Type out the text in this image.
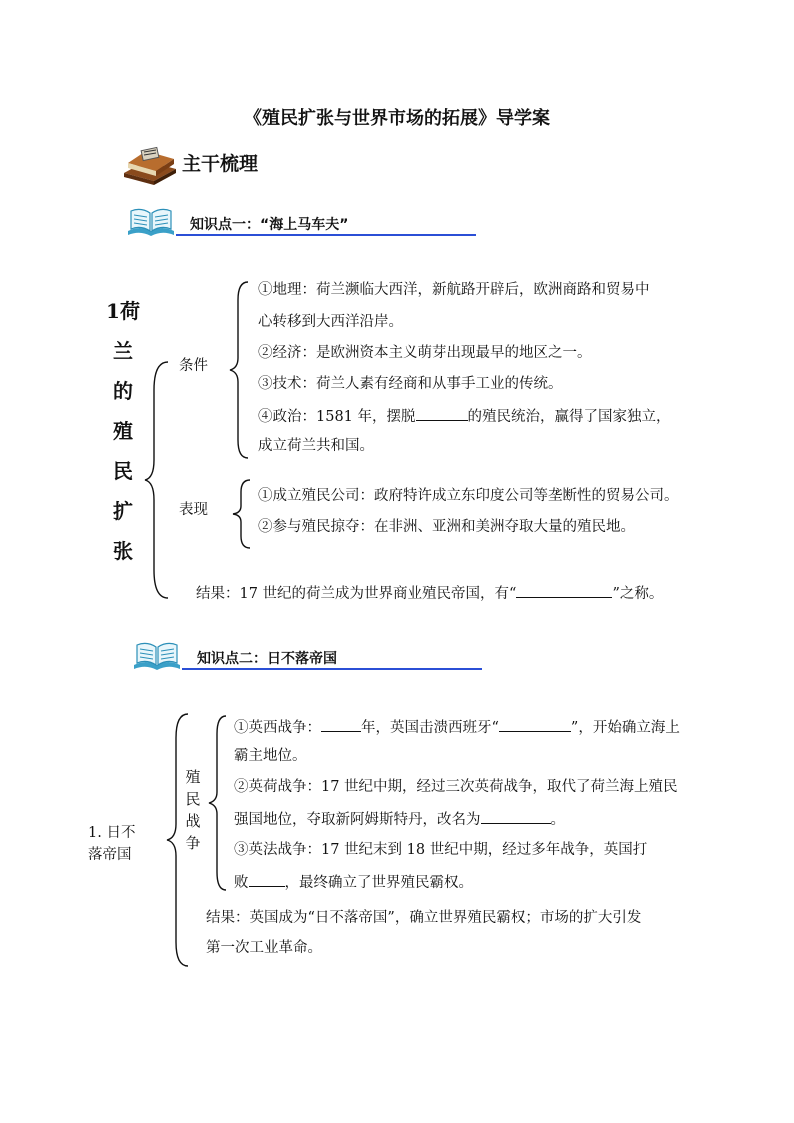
《殖民扩张与世界市场的拓展》导学案
主干梳理
知识点一：“海上马车夫”
1荷
兰
的
殖
民
扩
张
条件
表现
①地理：荷兰濒临大西洋，新航路开辟后，欧洲商路和贸易中
心转移到大西洋沿岸。
②经济：是欧洲资本主义萌芽出现最早的地区之一。
③技术：荷兰人素有经商和从事手工业的传统。
④政治：1581 年，摆脱	的殖民统治，赢得了国家独立，
成立荷兰共和国。
①成立殖民公司：政府特许成立东印度公司等垄断性的贸易公司。
②参与殖民掠夺：在非洲、亚洲和美洲夺取大量的殖民地。
结果：17 世纪的荷兰成为世界商业殖民帝国，有“	”之称。
知识点二：日不落帝国
1. 日不
落帝国
殖
民
战
争
①英西战争：	年，英国击溃西班牙“	”，开始确立海上
霸主地位。
②英荷战争：17 世纪中期，经过三次英荷战争，取代了荷兰海上殖民
强国地位，夺取新阿姆斯特丹，改名为	。
③英法战争：17 世纪末到 18 世纪中期，经过多年战争，英国打
败 ，最终确立了世界殖民霸权。
结果：英国成为“日不落帝国”，确立世界殖民霸权；市场的扩大引发
第一次工业革命。
